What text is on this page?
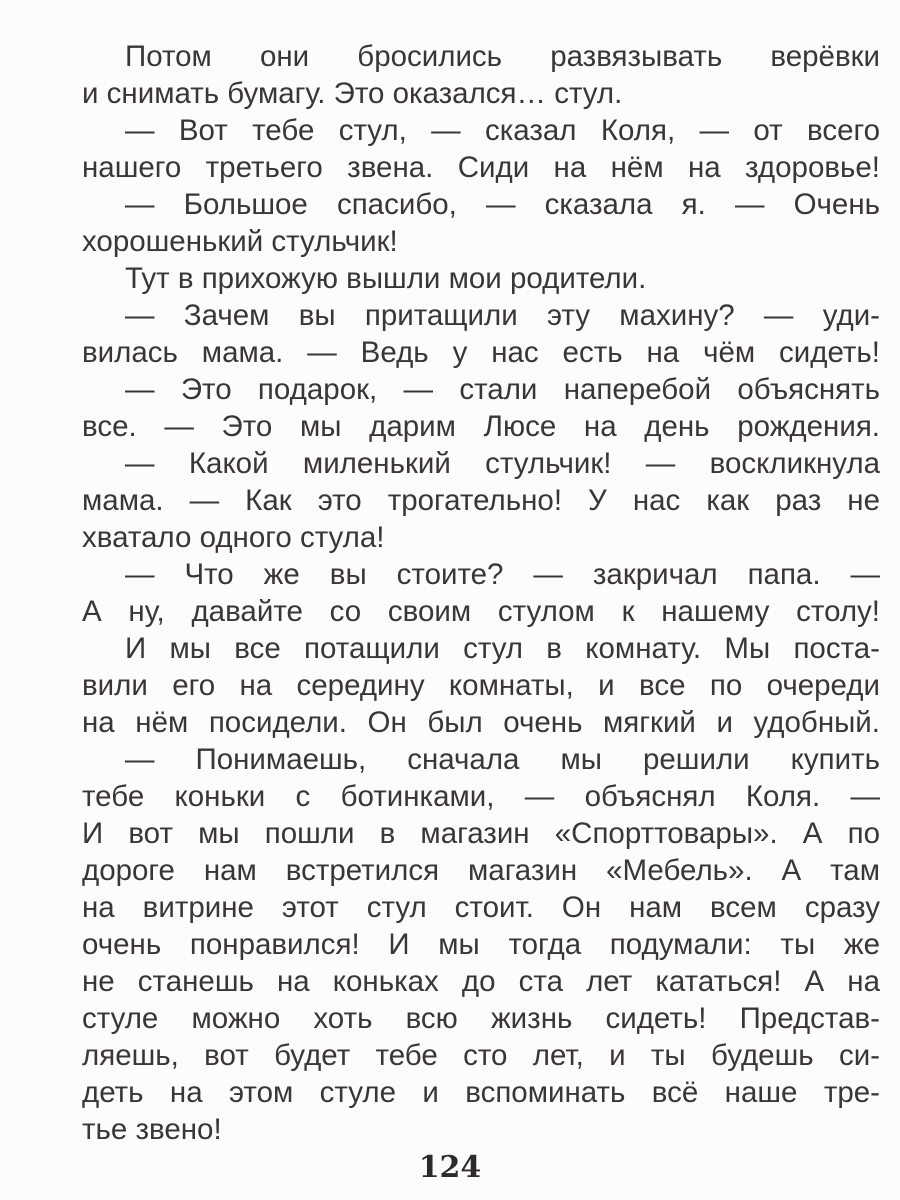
Потом они бросились развязывать верёвки
и снимать бумагу. Это оказался… стул.
— Вот тебе стул, — сказал Коля, — от всего
нашего третьего звена. Сиди на нём на здоровье!
— Большое спасибо, — сказала я. — Очень
хорошенький стульчик!
Тут в прихожую вышли мои родители.
— Зачем вы притащили эту махину? — уди-
вилась мама. — Ведь у нас есть на чём сидеть!
— Это подарок, — стали наперебой объяснять
все. — Это мы дарим Люсе на день рождения.
— Какой миленький стульчик! — воскликнула
мама. — Как это трогательно! У нас как раз не
хватало одного стула!
— Что же вы стоите? — закричал папа. —
А ну, давайте со своим стулом к нашему столу!
И мы все потащили стул в комнату. Мы поста-
вили его на середину комнаты, и все по очереди
на нём посидели. Он был очень мягкий и удобный.
— Понимаешь, сначала мы решили купить
тебе коньки с ботинками, — объяснял Коля. —
И вот мы пошли в магазин «Спорттовары». А по
дороге нам встретился магазин «Мебель». А там
на витрине этот стул стоит. Он нам всем сразу
очень понравился! И мы тогда подумали: ты же
не станешь на коньках до ста лет кататься! А на
стуле можно хоть всю жизнь сидеть! Представ-
ляешь, вот будет тебе сто лет, и ты будешь си-
деть на этом стуле и вспоминать всё наше тре-
тье звено!
124
